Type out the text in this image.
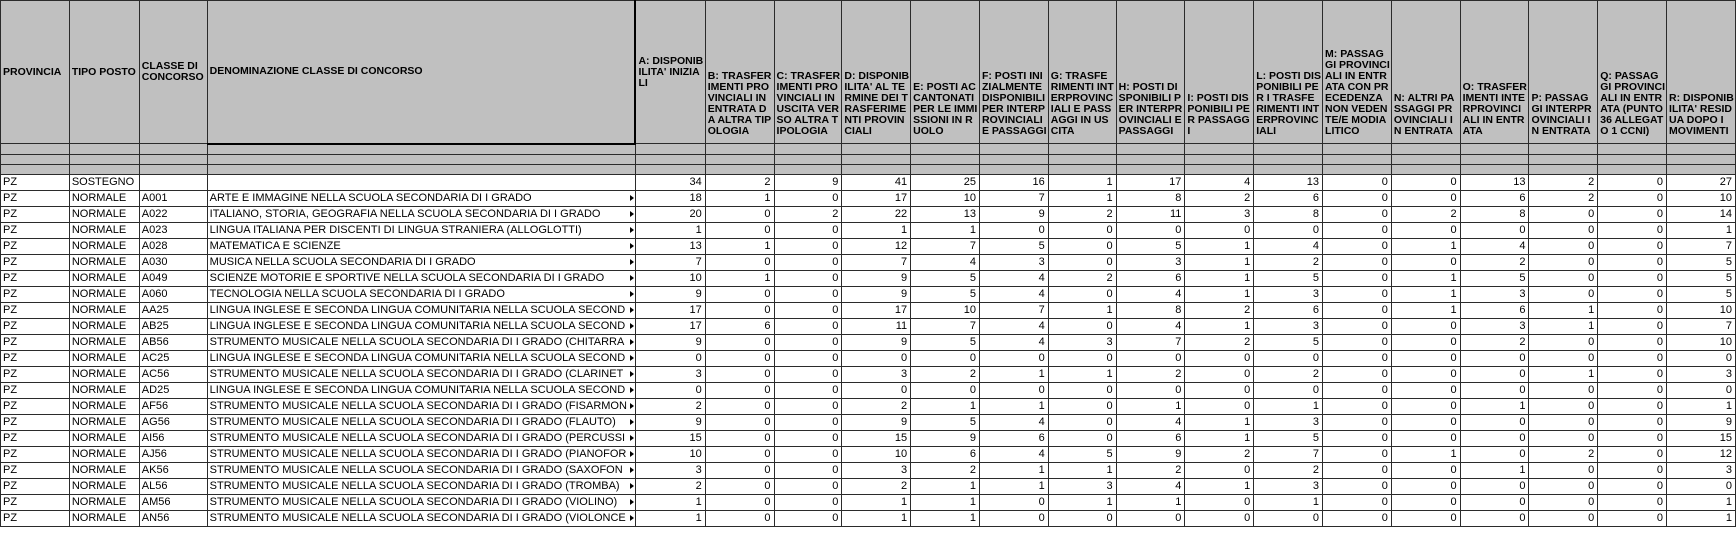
PROVINCIA	TIPO POSTO	CLASSE DI CONCORSO	DENOMINAZIONE CLASSE DI CONCORSO	A: DISPONIBILITA' INIZIALI	B: TRASFERIMENTI PROVINCIALI IN ENTRATA DA ALTRA TIPOLOGIA	C: TRASFERIMENTI PROVINCIALI IN USCITA VERSO ALTRA TIPOLOGIA	D: DISPONIBILITA' AL TERMINE DEI TRASFERIMENTI PROVINCIALI	E: POSTI ACCANTONATI PER LE IMMISSIONI IN RUOLO	F: POSTI INIZIALMENTE DISPONIBILI PER INTERPROVINCIALI E PASSAGGI	G: TRASFERIMENTI INTERPROVINCIALI E PASSAGGI IN USCITA	H: POSTI DISPONIBILI PER INTERPROVINCIALI E PASSAGGI	I: POSTI DISPONIBILI PER PASSAGGI	L: POSTI DISPONIBILI PER I TRASFERIMENTI INTERPROVINCIALI	M: PASSAGGI PROVINCIALI IN ENTRATA CON PRECEDENZA NON VEDENTE/E MODIALITICO	N: ALTRI PASSAGGI PROVINCIALI IN ENTRATA	O: TRASFERIMENTI INTERPROVINCIALI IN ENTRATA	P: PASSAGGI INTERPROVINCIALI IN ENTRATA	Q: PASSAGGI PROVINCIALI IN ENTRATA (PUNTO 36 ALLEGATO 1 CCNI)	R: DISPONIBILITA' RESIDUA DOPO I MOVIMENTI

PZ	SOSTEGNO			34	2	9	41	25	16	1	17	4	13	0	0	13	2	0	27
PZ	NORMALE	A001	ARTE E IMMAGINE NELLA SCUOLA SECONDARIA DI I GRADO	18	1	0	17	10	7	1	8	2	6	0	0	6	2	0	10
PZ	NORMALE	A022	ITALIANO, STORIA, GEOGRAFIA NELLA SCUOLA SECONDARIA DI I GRADO	20	0	2	22	13	9	2	11	3	8	0	2	8	0	0	14
PZ	NORMALE	A023	LINGUA ITALIANA PER DISCENTI DI LINGUA STRANIERA (ALLOGLOTTI)	1	0	0	1	1	0	0	0	0	0	0	0	0	0	0	1
PZ	NORMALE	A028	MATEMATICA E SCIENZE	13	1	0	12	7	5	0	5	1	4	0	1	4	0	0	7
PZ	NORMALE	A030	MUSICA NELLA SCUOLA SECONDARIA DI I GRADO	7	0	0	7	4	3	0	3	1	2	0	0	2	0	0	5
PZ	NORMALE	A049	SCIENZE MOTORIE E SPORTIVE NELLA SCUOLA SECONDARIA DI I GRADO	10	1	0	9	5	4	2	6	1	5	0	1	5	0	0	5
PZ	NORMALE	A060	TECNOLOGIA NELLA SCUOLA SECONDARIA DI I GRADO	9	0	0	9	5	4	0	4	1	3	0	1	3	0	0	5
PZ	NORMALE	AA25	LINGUA INGLESE E SECONDA LINGUA COMUNITARIA NELLA SCUOLA SECOND	17	0	0	17	10	7	1	8	2	6	0	1	6	1	0	10
PZ	NORMALE	AB25	LINGUA INGLESE E SECONDA LINGUA COMUNITARIA NELLA SCUOLA SECOND	17	6	0	11	7	4	0	4	1	3	0	0	3	1	0	7
PZ	NORMALE	AB56	STRUMENTO MUSICALE NELLA SCUOLA SECONDARIA DI I GRADO (CHITARRA	9	0	0	9	5	4	3	7	2	5	0	0	2	0	0	10
PZ	NORMALE	AC25	LINGUA INGLESE E SECONDA LINGUA COMUNITARIA NELLA SCUOLA SECOND	0	0	0	0	0	0	0	0	0	0	0	0	0	0	0	0
PZ	NORMALE	AC56	STRUMENTO MUSICALE NELLA SCUOLA SECONDARIA DI I GRADO (CLARINET	3	0	0	3	2	1	1	2	0	2	0	0	0	1	0	3
PZ	NORMALE	AD25	LINGUA INGLESE E SECONDA LINGUA COMUNITARIA NELLA SCUOLA SECOND	0	0	0	0	0	0	0	0	0	0	0	0	0	0	0	0
PZ	NORMALE	AF56	STRUMENTO MUSICALE NELLA SCUOLA SECONDARIA DI I GRADO (FISARMON	2	0	0	2	1	1	0	1	0	1	0	0	1	0	0	1
PZ	NORMALE	AG56	STRUMENTO MUSICALE NELLA SCUOLA SECONDARIA DI I GRADO (FLAUTO)	9	0	0	9	5	4	0	4	1	3	0	0	0	0	0	9
PZ	NORMALE	AI56	STRUMENTO MUSICALE NELLA SCUOLA SECONDARIA DI I GRADO (PERCUSSI	15	0	0	15	9	6	0	6	1	5	0	0	0	0	0	15
PZ	NORMALE	AJ56	STRUMENTO MUSICALE NELLA SCUOLA SECONDARIA DI I GRADO (PIANOFOR	10	0	0	10	6	4	5	9	2	7	0	1	0	2	0	12
PZ	NORMALE	AK56	STRUMENTO MUSICALE NELLA SCUOLA SECONDARIA DI I GRADO (SAXOFON	3	0	0	3	2	1	1	2	0	2	0	0	1	0	0	3
PZ	NORMALE	AL56	STRUMENTO MUSICALE NELLA SCUOLA SECONDARIA DI I GRADO (TROMBA)	2	0	0	2	1	1	3	4	1	3	0	0	0	0	0	0
PZ	NORMALE	AM56	STRUMENTO MUSICALE NELLA SCUOLA SECONDARIA DI I GRADO (VIOLINO)	1	0	0	1	1	0	1	1	0	1	0	0	0	0	0	1
PZ	NORMALE	AN56	STRUMENTO MUSICALE NELLA SCUOLA SECONDARIA DI I GRADO (VIOLONCE	1	0	0	1	1	0	0	0	0	0	0	0	0	0	0	1
